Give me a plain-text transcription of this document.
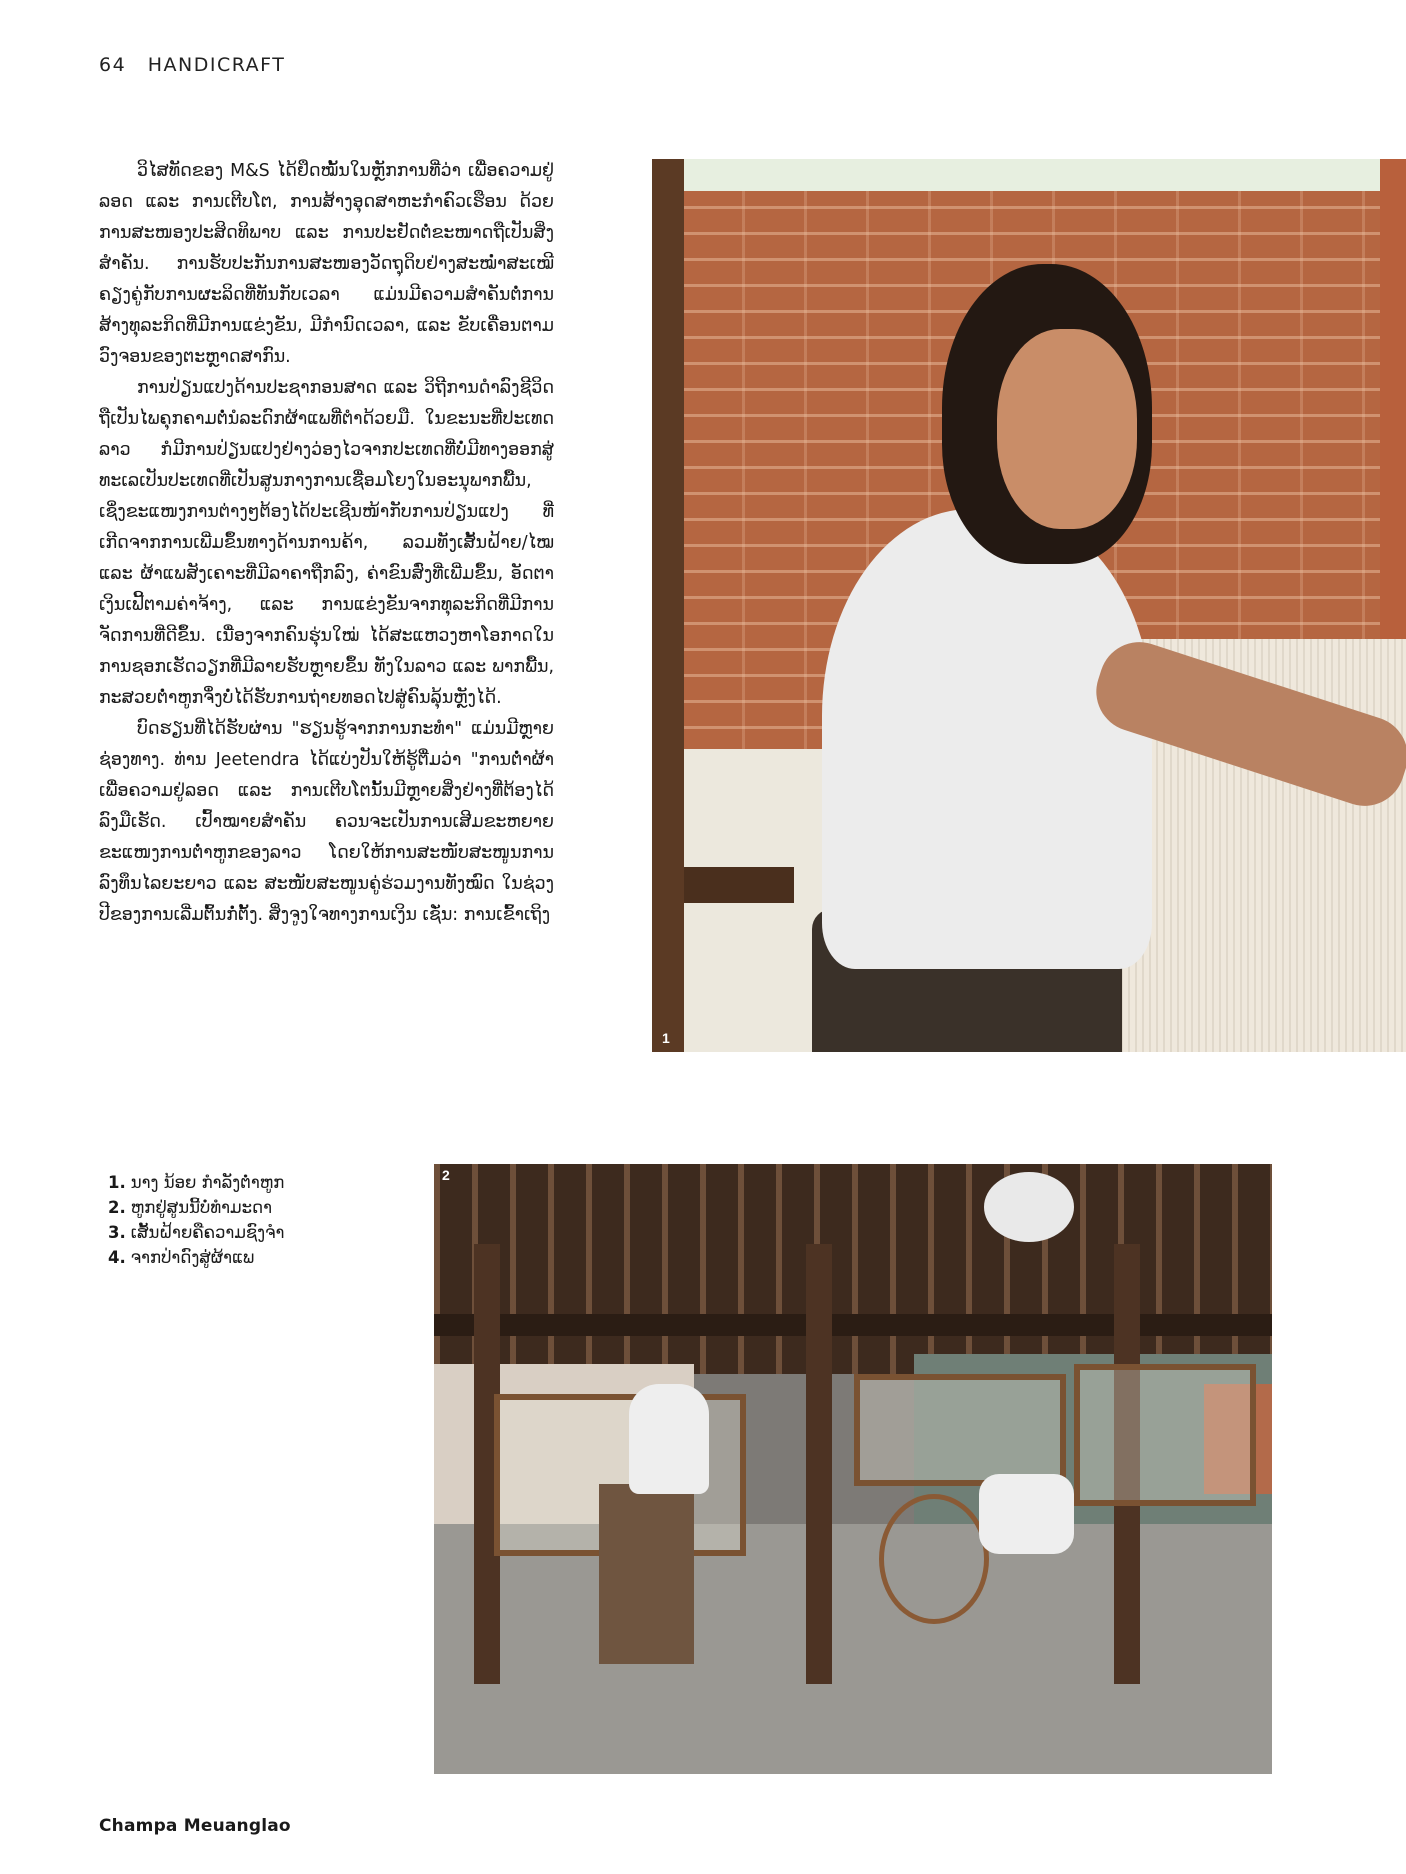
64 HANDICRAFT

ວິໄສທັດຂອງ M&S ໄດ້ຢຶດໝັ້ນໃນຫຼັກການທີ່ວ່າ ເພື່ອຄວາມຢູ່ລອດ ແລະ ການເຕີບໂຕ, ການສ້າງອຸດສາຫະກຳຄົວເຮືອນ ດ້ວຍການສະໜອງປະສິດທິພາບ ແລະ ການປະຢັດຕໍ່ຂະໜາດຖືເປັນສິ່ງສຳຄັນ. ການຮັບປະກັນການສະໜອງວັດຖຸດິບຢ່າງສະໝໍ່າສະເໝີ ຄຽງຄູ່ກັບການຜະລິດທີ່ທັນກັບເວລາ ແມ່ນມີຄວາມສຳຄັນຕໍ່ການສ້າງທຸລະກິດທີ່ມີການແຂ່ງຂັນ, ມີກຳນົດເວລາ, ແລະ ຂັບເຄື່ອນຕາມວົງຈອນຂອງຕະຫຼາດສາກົນ.

ການປ່ຽນແປງດ້ານປະຊາກອນສາດ ແລະ ວິຖີການດຳລົງຊີວິດ ຖືເປັນໄພຄຸກຄາມຕໍ່ນໍລະດົກຜ້າແພທີ່ຕຳດ້ວຍມື. ໃນຂະນະທີ່ປະເທດລາວ ກໍມີການປ່ຽນແປງຢ່າງວ່ອງໄວຈາກປະເທດທີ່ບໍ່ມີທາງອອກສູ່ທະເລເປັນປະເທດທີ່ເປັນສູນກາງການເຊື່ອມໂຍງໃນອະນຸພາກພື້ນ, ເຊິ່ງຂະແໜງການຕ່າງໆຕ້ອງໄດ້ປະເຊີນໜ້າກັບການປ່ຽນແປງ ທີ່ເກີດຈາກການເພີ່ມຂຶ້ນທາງດ້ານການຄ້າ, ລວມທັງເສັ້ນຝ້າຍ/ໄໝ ແລະ ຜ້າແພສັງເຄາະທີ່ມີລາຄາຖືກລົງ, ຄ່າຂົນສົ່ງທີ່ເພີ່ມຂຶ້ນ, ອັດຕາເງິນເຟີ້ຕາມຄ່າຈ້າງ, ແລະ ການແຂ່ງຂັນຈາກທຸລະກິດທີ່ມີການຈັດການທີ່ດີຂຶ້ນ. ເນື່ອງຈາກຄົນຮຸ່ນໃໝ່ ໄດ້ສະແຫວງຫາໂອກາດໃນການຊອກເຮັດວຽກທີ່ມີລາຍຮັບຫຼາຍຂຶ້ນ ທັງໃນລາວ ແລະ ພາກພື້ນ, ກະສວຍຕ່ຳຫູກຈຶ່ງບໍ່ໄດ້ຮັບການຖ່າຍທອດໄປສູ່ຄົນລຸ້ນຫຼັງໄດ້.

ບົດຮຽນທີ່ໄດ້ຮັບຜ່ານ "ຮຽນຮູ້ຈາກການກະທຳ" ແມ່ນມີຫຼາຍຊ່ອງທາງ. ທ່ານ Jeetendra ໄດ້ແບ່ງປັນໃຫ້ຮູ້ຕື່ມວ່າ "ການຕ່ຳຜ້າເພື່ອຄວາມຢູ່ລອດ ແລະ ການເຕີບໂຕນັ້ນມີຫຼາຍສິ່ງຢ່າງທີ່ຕ້ອງໄດ້ລົງມືເຮັດ. ເປົ້າໝາຍສຳຄັນ ຄວນຈະເປັນການເສີມຂະຫຍາຍຂະແໜງການຕ່ຳຫູກຂອງລາວ ໂດຍໃຫ້ການສະໜັບສະໜູນການລົງທຶນໄລຍະຍາວ ແລະ ສະໜັບສະໜູນຄູ່ຮ່ວມງານທັງໝົດ ໃນຊ່ວງປີຂອງການເລີ່ມຕົ້ນກໍ່ຕັ້ງ. ສິ່ງຈູງໃຈທາງການເງິນ ເຊັ່ນ: ການເຂົ້າເຖິງ

1
1. ນາງ ນ້ອຍ ກຳລັງຕ່ຳຫູກ
2. ຫູກຢູ່ສູນນີ້ບໍ່ທຳມະດາ
3. ເສັ້ນຝ້າຍຄືຄວາມຊົງຈຳ
4. ຈາກປ່າດົງສູ່ຜ້າແພ
2
Champa Meuanglao
